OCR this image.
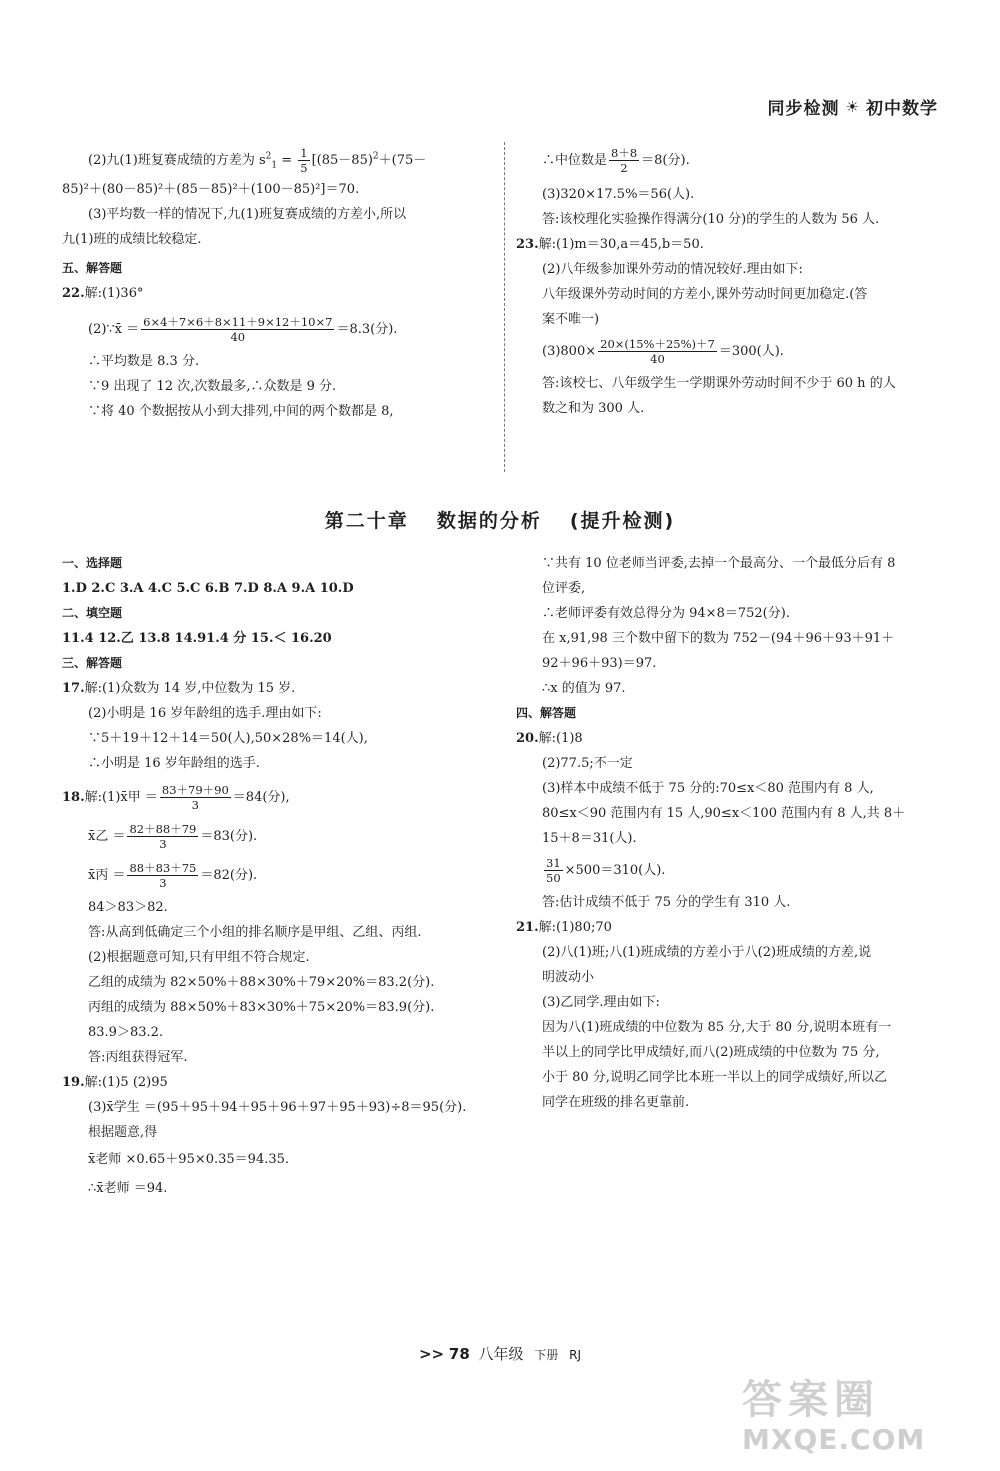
同步检测 ☀ 初中数学
(2)九(1)班复赛成绩的方差为 $s^2_1 = \frac{1}{5} [(85-85)^2+(75-$
85)²＋(80－85)²＋(85－85)²＋(100－85)²]＝70.
(3)平均数一样的情况下,九(1)班复赛成绩的方差小,所以
九(1)班的成绩比较稳定.
五、解答题
22.解:(1)36°
(2)∵x̄ ＝ $\frac{6\times 4+7\times 6+8\times 11+9\times 12+10\times 7}{40} =8.3$(分).
∴平均数是 8.3 分.
∵9 出现了 12 次,次数最多,∴众数是 9 分.
∵将 40 个数据按从小到大排列,中间的两个数都是 8,
∴中位数是 $\frac{8+8}{2} =8$(分).
(3)320×17.5%＝56(人).
答:该校理化实验操作得满分(10 分)的学生的人数为 56 人.
23.解:(1)m＝30,a＝45,b＝50.
(2)八年级参加课外劳动的情况较好.理由如下:
八年级课外劳动时间的方差小,课外劳动时间更加稳定.(答
案不唯一)
$(3)800\times \frac{20\times(15\%+25\%)+7}{40} =300$(人).
答:该校七、八年级学生一学期课外劳动时间不少于 60 h 的人
数之和为 300 人.
第二十章 数据的分析 (提升检测)
一、选择题
1.D 2.C 3.A 4.C 5.C 6.B 7.D 8.A 9.A 10.D
二、填空题
11.4 12.乙 13.8 14.91.4 分 15.＜ 16.20
三、解答题
17.解:(1)众数为 14 岁,中位数为 15 岁.
(2)小明是 16 岁年龄组的选手.理由如下:
∵5＋19＋12＋14＝50(人),50×28%＝14(人),
∴小明是 16 岁年龄组的选手.
18.解:(1)x̄甲 ＝ $\frac{83+79+90}{3} =84$(分),
x̄乙 ＝ $\frac{82+88+79}{3} =83$(分).
x̄丙 ＝ $\frac{88+83+75}{3} =82$(分).
84＞83＞82.
答:从高到低确定三个小组的排名顺序是甲组、乙组、丙组.
(2)根据题意可知,只有甲组不符合规定.
乙组的成绩为 82×50%＋88×30%＋79×20%＝83.2(分).
丙组的成绩为 88×50%＋83×30%＋75×20%＝83.9(分).
83.9＞83.2.
答:丙组获得冠军.
19.解:(1)5 (2)95
(3)x̄学生 ＝(95＋95＋94＋95＋96＋97＋95＋93)÷8＝95(分).
根据题意,得
x̄老师 ×0.65＋95×0.35＝94.35.
∴x̄老师 ＝94.
∵共有 10 位老师当评委,去掉一个最高分、一个最低分后有 8
位评委,
∴老师评委有效总得分为 94×8＝752(分).
在 x,91,98 三个数中留下的数为 752－(94＋96＋93＋91＋
92＋96＋93)＝97.
∴x 的值为 97.
四、解答题
20.解:(1)8
(2)77.5;不一定
(3)样本中成绩不低于 75 分的:70≤x＜80 范围内有 8 人,
80≤x＜90 范围内有 15 人,90≤x＜100 范围内有 8 人,共 8＋
15＋8＝31(人).
$\frac{31}{50} \times 500=310$(人).
答:估计成绩不低于 75 分的学生有 310 人.
21.解:(1)80;70
(2)八(1)班;八(1)班成绩的方差小于八(2)班成绩的方差,说
明波动小
(3)乙同学.理由如下:
因为八(1)班成绩的中位数为 85 分,大于 80 分,说明本班有一
半以上的同学比甲成绩好,而八(2)班成绩的中位数为 75 分,
小于 80 分,说明乙同学比本班一半以上的同学成绩好,所以乙
同学在班级的排名更靠前.
>> 78 八年级 下册 RJ
答案圈
MXQE.COM
